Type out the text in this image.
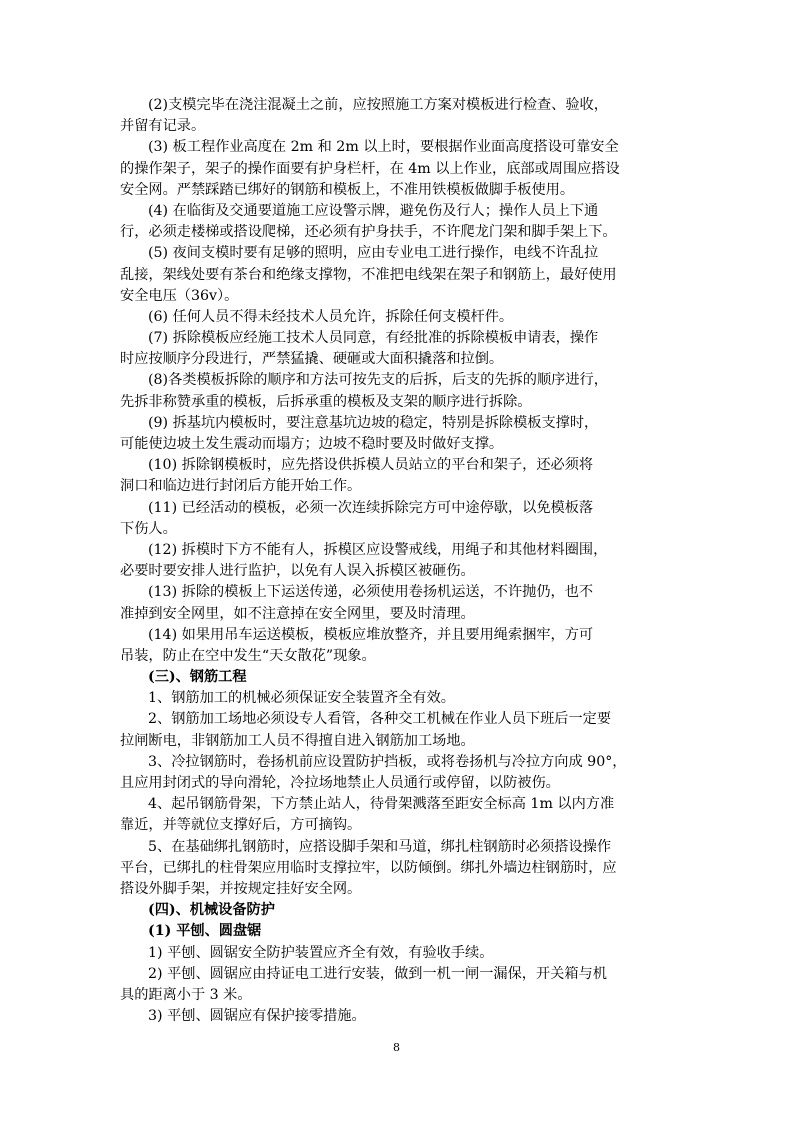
(2)支模完毕在浇注混凝土之前，应按照施工方案对模板进行检查、验收，
并留有记录。
(3) 板工程作业高度在 2m 和 2m 以上时，要根据作业面高度搭设可靠安全
的操作架子，架子的操作面要有护身栏杆，在 4m 以上作业，底部或周围应搭设
安全网。严禁踩踏已绑好的钢筋和模板上，不准用铁模板做脚手板使用。
(4) 在临街及交通要道施工应设警示牌，避免伤及行人；操作人员上下通
行，必须走楼梯或搭设爬梯，还必须有护身扶手，不许爬龙门架和脚手架上下。
(5) 夜间支模时要有足够的照明，应由专业电工进行操作，电线不许乱拉
乱接，架线处要有茶台和绝缘支撑物，不准把电线架在架子和钢筋上，最好使用
安全电压（36v）。
(6) 任何人员不得未经技术人员允许，拆除任何支模杆件。
(7) 拆除模板应经施工技术人员同意，有经批准的拆除模板申请表，操作
时应按顺序分段进行，严禁猛撬、硬砸或大面积撬落和拉倒。
(8)各类模板拆除的顺序和方法可按先支的后拆，后支的先拆的顺序进行，
先拆非称赞承重的模板，后拆承重的模板及支架的顺序进行拆除。
(9) 拆基坑内模板时，要注意基坑边坡的稳定，特别是拆除模板支撑时，
可能使边坡土发生震动而塌方；边坡不稳时要及时做好支撑。
(10) 拆除钢模板时，应先搭设供拆模人员站立的平台和架子，还必须将
洞口和临边进行封闭后方能开始工作。
(11) 已经活动的模板，必须一次连续拆除完方可中途停歇，以免模板落
下伤人。
(12) 拆模时下方不能有人，拆模区应设警戒线，用绳子和其他材料圈围，
必要时要安排人进行监护，以免有人误入拆模区被砸伤。
(13) 拆除的模板上下运送传递，必须使用卷扬机运送，不许抛仍，也不
准掉到安全网里，如不注意掉在安全网里，要及时清理。
(14) 如果用吊车运送模板，模板应堆放整齐，并且要用绳索捆牢，方可
吊装，防止在空中发生“天女散花”现象。
(三)、钢筋工程
1、钢筋加工的机械必须保证安全装置齐全有效。
2、钢筋加工场地必须设专人看管，各种交工机械在作业人员下班后一定要
拉闸断电，非钢筋加工人员不得擅自进入钢筋加工场地。
3、冷拉钢筋时，卷扬机前应设置防护挡板，或将卷扬机与冷拉方向成 90°，
且应用封闭式的导向滑轮，冷拉场地禁止人员通行或停留，以防被伤。
4、起吊钢筋骨架，下方禁止站人，待骨架溅落至距安全标高 1m 以内方准
靠近，并等就位支撑好后，方可摘钩。
5、在基础绑扎钢筋时，应搭设脚手架和马道，绑扎柱钢筋时必须搭设操作
平台，已绑扎的柱骨架应用临时支撑拉牢，以防倾倒。绑扎外墙边柱钢筋时，应
搭设外脚手架，并按规定挂好安全网。
(四)、机械设备防护
(1) 平刨、圆盘锯
1) 平刨、圆锯安全防护装置应齐全有效，有验收手续。
2) 平刨、圆锯应由持证电工进行安装，做到一机一闸一漏保，开关箱与机
具的距离小于 3 米。
3) 平刨、圆锯应有保护接零措施。
8
